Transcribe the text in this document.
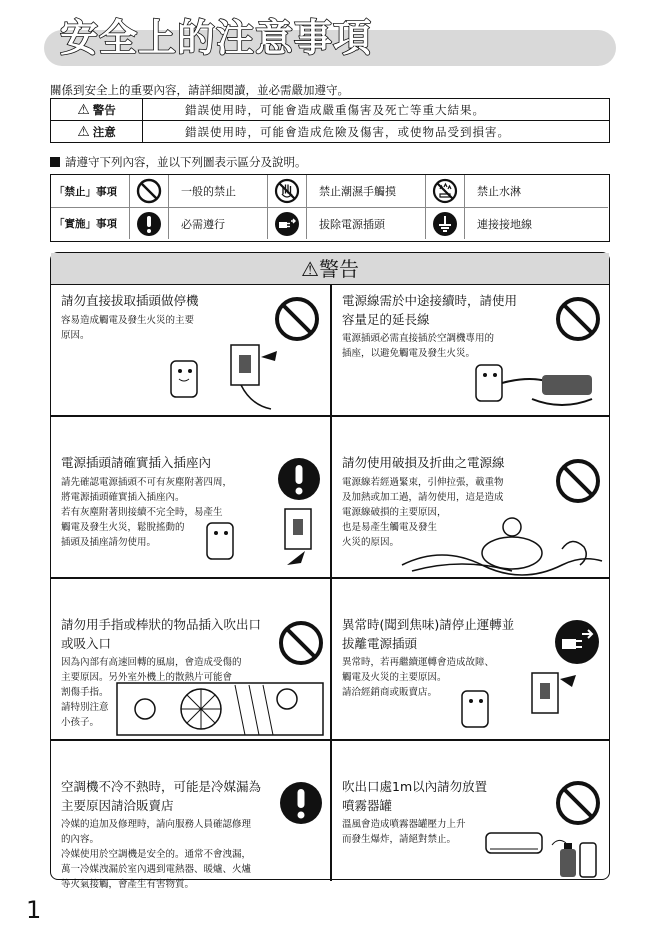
安全上的注意事項
關係到安全上的重要內容，請詳細閱讀，並必需嚴加遵守。
⚠ 警告	錯誤使用時，可能會造成嚴重傷害及死亡等重大結果。
⚠ 注意	錯誤使用時，可能會造成危險及傷害，或使物品受到損害。
請遵守下列內容，並以下列圖表示區分及說明。
「禁止」事項	一般的禁止	禁止潮濕手觸摸	禁止水淋
「實施」事項	必需遵行	拔除電源插頭	連接接地線
⚠警告
請勿直接拔取插頭做停機
容易造成觸電及發生火災的主要
原因。
電源線需於中途接續時，請使用
容量足的延長線
電源插頭必需直接插於空調機專用的
插座，以避免觸電及發生火災。
電源插頭請確實插入插座內
請先確認電源插頭不可有灰塵附著四周，
將電源插頭確實插入插座內。
若有灰塵附著則接續不完全時，易產生
觸電及發生火災，鬆脫搖動的
插頭及插座請勿使用。
請勿使用破損及折曲之電源線
電源線若經過緊束，引伸拉張，載重物
及加熱或加工過，請勿使用，這是造成
電源線破損的主要原因，
也是易產生觸電及發生
火災的原因。
請勿用手指或棒狀的物品插入吹出口
或吸入口
因為內部有高速回轉的風扇，會造成受傷的
主要原因。另外室外機上的散熱片可能會
割傷手指。
請特別注意
小孩子。
異常時(聞到焦味)請停止運轉並
拔離電源插頭
異常時，若再繼續運轉會造成故障、
觸電及火災的主要原因。
請洽經銷商或販賣店。
空調機不冷不熱時，可能是冷媒漏為
主要原因請洽販賣店
冷媒的追加及修理時，請向服務人員確認修理
的內容。
冷媒使用於空調機是安全的。通常不會洩漏，
萬一冷媒洩漏於室內遇到電熱器、暖爐、火爐
等火氣接觸，會產生有害物質。
吹出口處1m以內請勿放置
噴霧器罐
溫風會造成噴霧器罐壓力上升
而發生爆炸，請絕對禁止。
1
